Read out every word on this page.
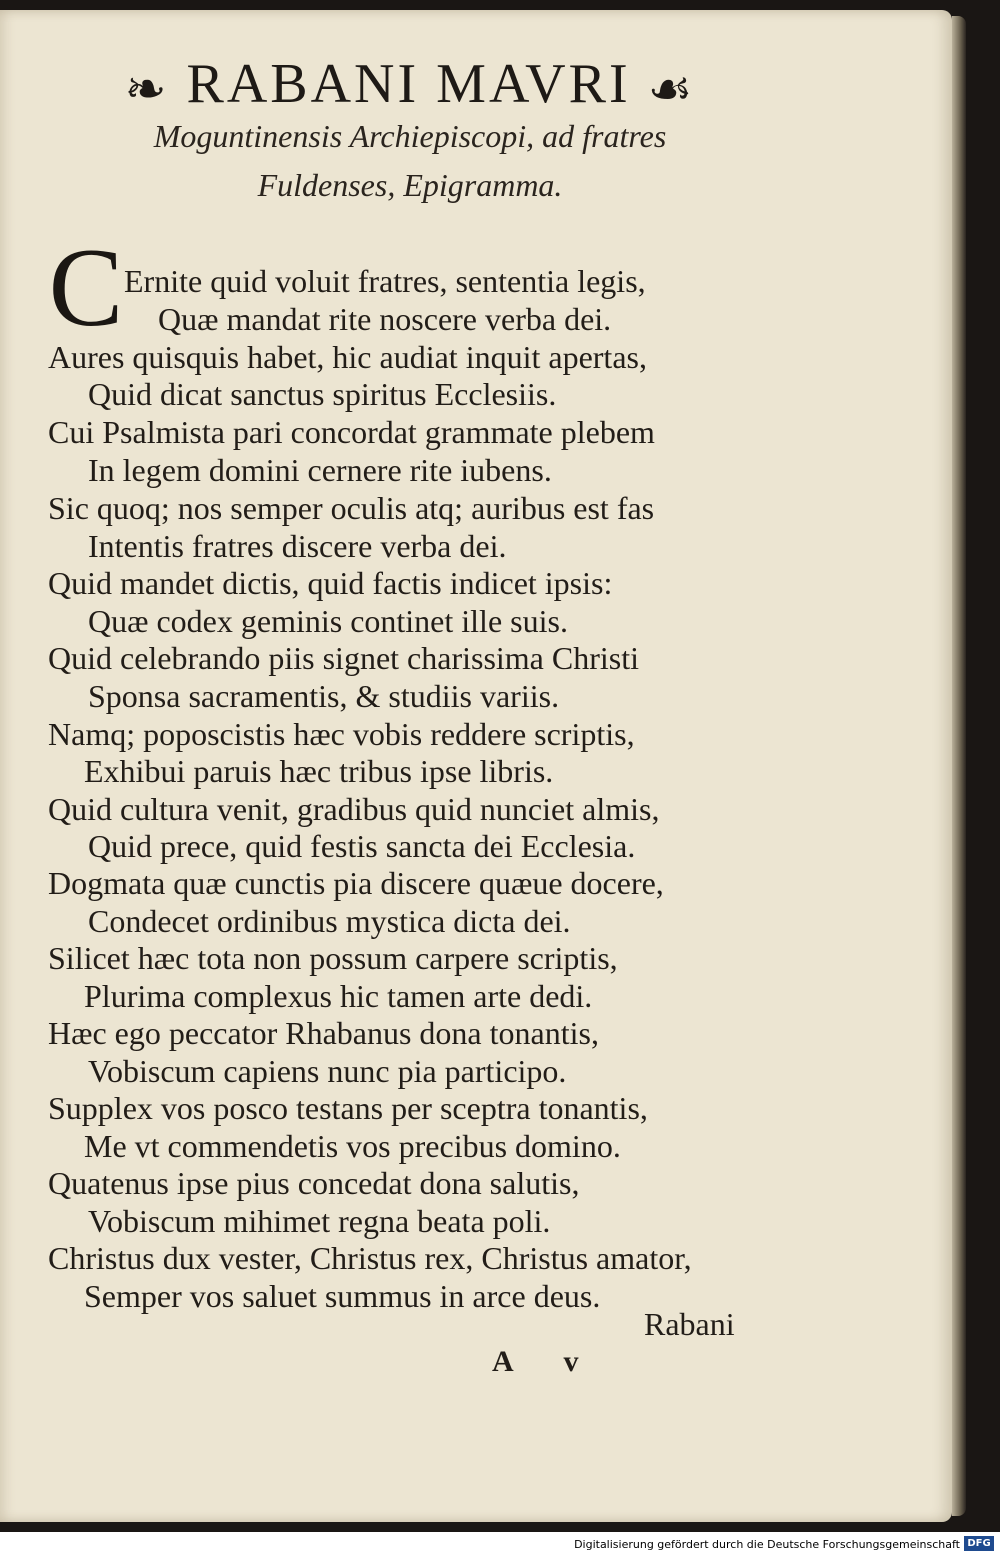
❧ RABANI MAVRI ☙
Moguntinensis Archiepiscopi, ad fratres
Fuldenses, Epigramma.
C Ernite quid voluit fratres, sententia legis,
Quæ mandat rite noscere verba dei.
Aures quisquis habet, hic audiat inquit apertas,
Quid dicat sanctus spiritus Ecclesiis.
Cui Psalmista pari concordat grammate plebem
In legem domini cernere rite iubens.
Sic quoq; nos semper oculis atq; auribus est fas
Intentis fratres discere verba dei.
Quid mandet dictis, quid factis indicet ipsis:
Quæ codex geminis continet ille suis.
Quid celebrando piis signet charissima Christi
Sponsa sacramentis, & studiis variis.
Namq; poposcistis hæc vobis reddere scriptis,
Exhibui paruis hæc tribus ipse libris.
Quid cultura venit, gradibus quid nunciet almis,
Quid prece, quid festis sancta dei Ecclesia.
Dogmata quæ cunctis pia discere quæue docere,
Condecet ordinibus mystica dicta dei.
Silicet hæc tota non possum carpere scriptis,
Plurima complexus hic tamen arte dedi.
Hæc ego peccator Rhabanus dona tonantis,
Vobiscum capiens nunc pia participo.
Supplex vos posco testans per sceptra tonantis,
Me vt commendetis vos precibus domino.
Quatenus ipse pius concedat dona salutis,
Vobiscum mihimet regna beata poli.
Christus dux vester, Christus rex, Christus amator,
Semper vos saluet summus in arce deus.
Rabani
A v
Digitalisierung gefördert durch die Deutsche Forschungsgemeinschaft DFG
